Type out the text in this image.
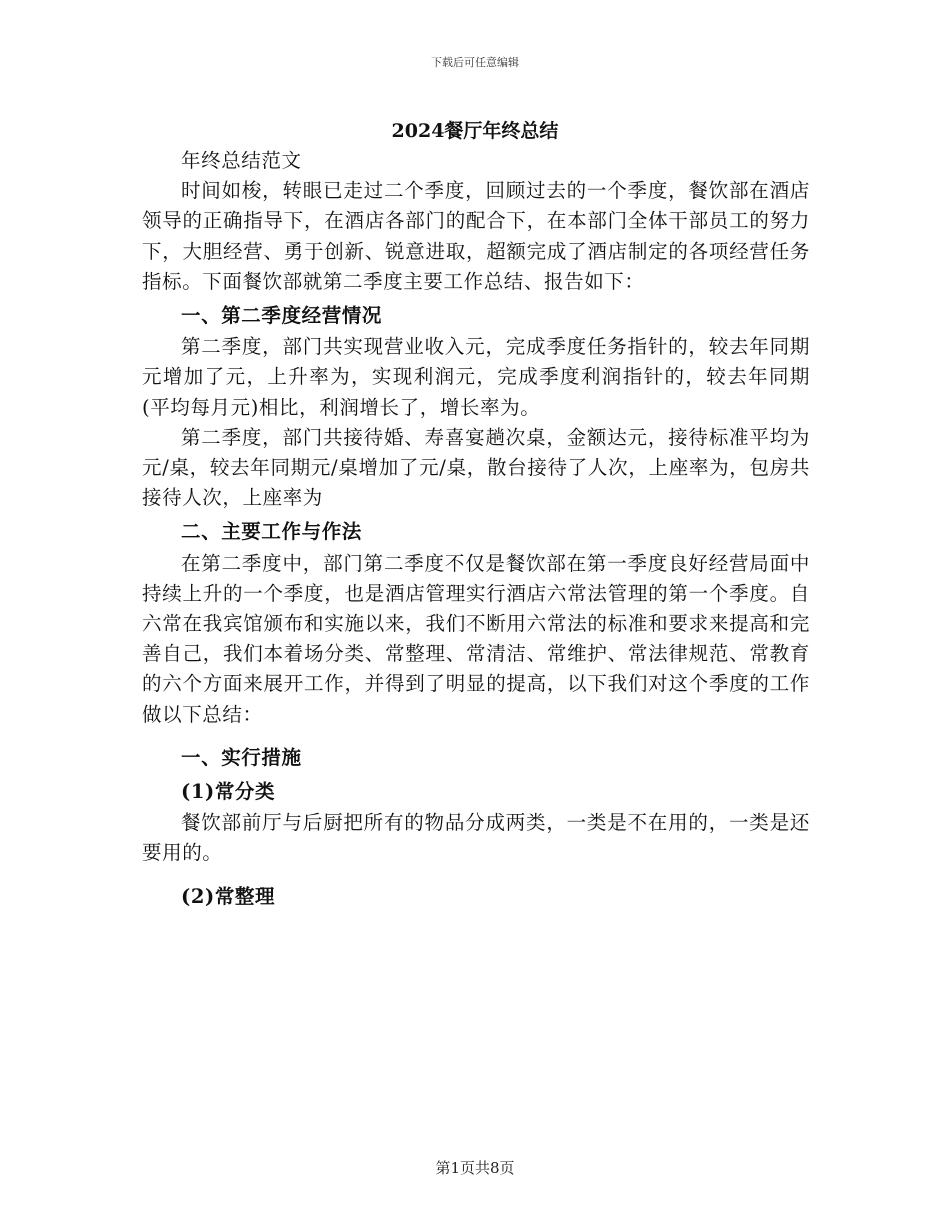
下载后可任意编辑
2024餐厅年终总结

年终总结范文

时间如梭，转眼已走过二个季度，回顾过去的一个季度，餐饮部在酒店领导的正确指导下，在酒店各部门的配合下，在本部门全体干部员工的努力下，大胆经营、勇于创新、锐意进取，超额完成了酒店制定的各项经营任务指标。下面餐饮部就第二季度主要工作总结、报告如下：

一、第二季度经营情况

第二季度，部门共实现营业收入元，完成季度任务指针的，较去年同期元增加了元，上升率为，实现利润元，完成季度利润指针的，较去年同期(平均每月元)相比，利润增长了，增长率为。

第二季度，部门共接待婚、寿喜宴趟次桌，金额达元，接待标准平均为元/桌，较去年同期元/桌增加了元/桌，散台接待了人次，上座率为，包房共接待人次，上座率为

二、主要工作与作法

在第二季度中，部门第二季度不仅是餐饮部在第一季度良好经营局面中持续上升的一个季度，也是酒店管理实行酒店六常法管理的第一个季度。自六常在我宾馆颁布和实施以来，我们不断用六常法的标准和要求来提高和完善自己，我们本着场分类、常整理、常清洁、常维护、常法律规范、常教育的六个方面来展开工作，并得到了明显的提高，以下我们对这个季度的工作做以下总结：

一、实行措施

(1)常分类

餐饮部前厅与后厨把所有的物品分成两类，一类是不在用的，一类是还要用的。

(2)常整理

第1页共8页
